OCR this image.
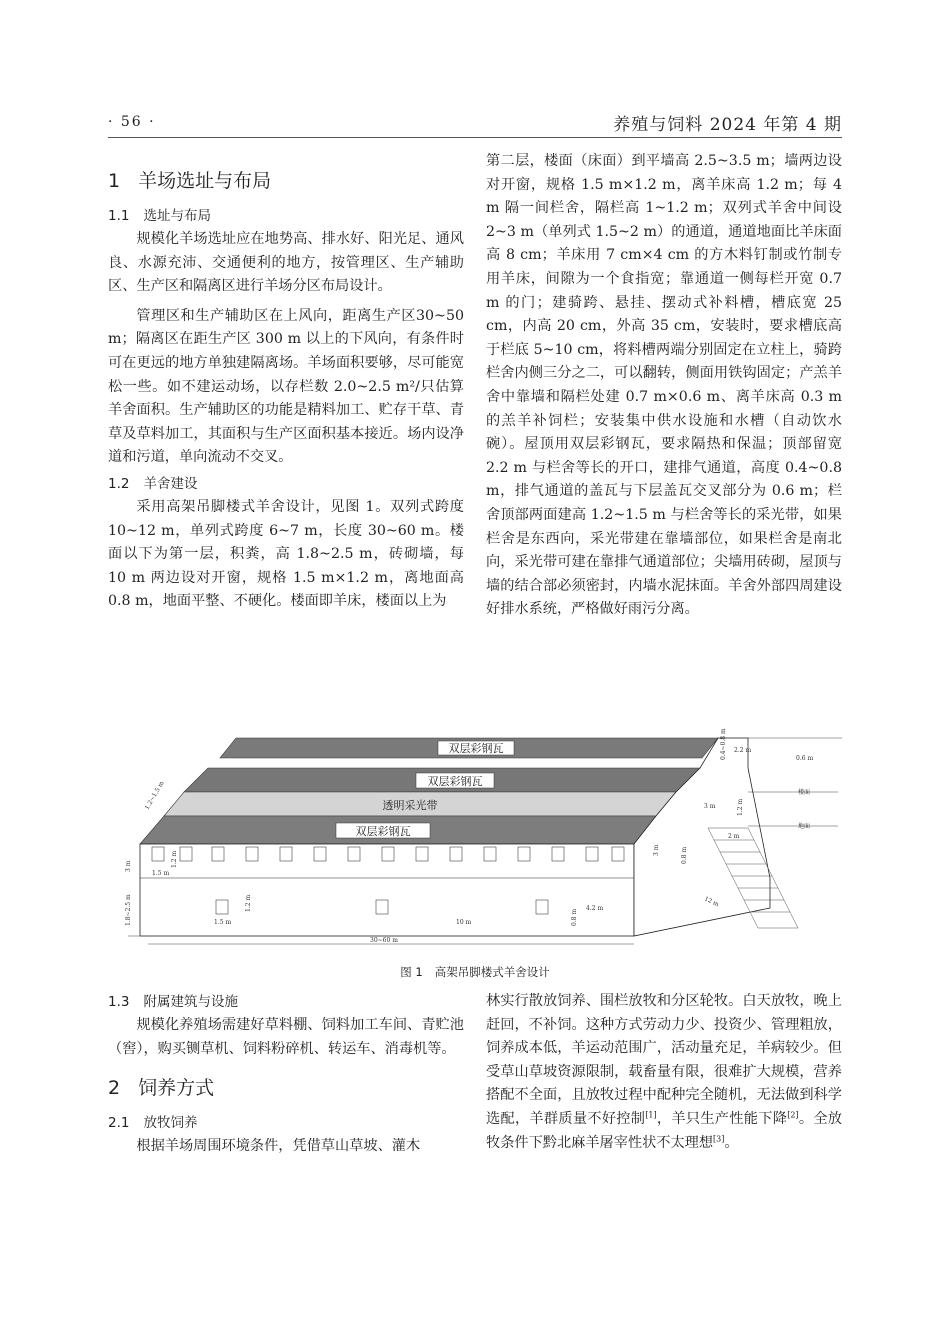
· 56 ·	养殖与饲料 2024 年第 4 期
1 羊场选址与布局
1.1 选址与布局

规模化羊场选址应在地势高、排水好、阳光足、通风良、水源充沛、交通便利的地方，按管理区、生产辅助区、生产区和隔离区进行羊场分区布局设计。

管理区和生产辅助区在上风向，距离生产区30~50 m；隔离区在距生产区 300 m 以上的下风向，有条件时可在更远的地方单独建隔离场。羊场面积要够，尽可能宽松一些。如不建运动场，以存栏数 2.0~2.5 m²/只估算羊舍面积。生产辅助区的功能是精料加工、贮存干草、青草及草料加工，其面积与生产区面积基本接近。场内设净道和污道，单向流动不交叉。

1.2 羊舍建设

采用高架吊脚楼式羊舍设计，见图 1。双列式跨度 10~12 m，单列式跨度 6~7 m，长度 30~60 m。楼面以下为第一层，积粪，高 1.8~2.5 m，砖砌墙，每 10 m 两边设对开窗，规格 1.5 m×1.2 m，离地面高 0.8 m，地面平整、不硬化。楼面即羊床，楼面以上为

第二层，楼面（床面）到平墙高 2.5~3.5 m；墙两边设对开窗，规格 1.5 m×1.2 m，离羊床高 1.2 m；每 4 m 隔一间栏舍，隔栏高 1~1.2 m；双列式羊舍中间设 2~3 m（单列式 1.5~2 m）的通道，通道地面比羊床面高 8 cm；羊床用 7 cm×4 cm 的方木料钉制或竹制专用羊床，间隙为一个食指宽；靠通道一侧每栏开宽 0.7 m 的门；建骑跨、悬挂、摆动式补料槽，槽底宽 25 cm，内高 20 cm，外高 35 cm，安装时，要求槽底高于栏底 5~10 cm，将料槽两端分别固定在立柱上，骑跨栏舍内侧三分之二，可以翻转，侧面用铁钩固定；产羔羊舍中靠墙和隔栏处建 0.7 m×0.6 m、离羊床高 0.3 m 的羔羊补饲栏；安装集中供水设施和水槽（自动饮水碗）。屋顶用双层彩钢瓦，要求隔热和保温；顶部留宽 2.2 m 与栏舍等长的开口，建排气通道，高度 0.4~0.8 m，排气通道的盖瓦与下层盖瓦交叉部分为 0.6 m；栏舍顶部两面建高 1.2~1.5 m 与栏舍等长的采光带，如果栏舍是东西向，采光带建在靠墙部位，如果栏舍是南北向，采光带可建在靠排气通道部位；尖墙用砖砌，屋顶与墙的结合部必须密封，内墙水泥抹面。羊舍外部四周建设好排水系统，严格做好雨污分离。

双层彩钢瓦
双层彩钢瓦
透明采光带
双层彩钢瓦
0.4~0.8 m 2.2 m
0.6 m
1.2~1.5 m	3 m
楼面
地面
3 m
1.2 m
1.5 m
3 m	1.2 m
1.8~2.5 m	1.5 m
1.2 m
10 m
4.2 m
0.8 m
0.8 m
2 m
12 m
30~60 m
图 1 高架吊脚楼式羊舍设计
1.3 附属建筑与设施

规模化养殖场需建好草料棚、饲料加工车间、青贮池（窖），购买铡草机、饲料粉碎机、转运车、消毒机等。

2 饲养方式
2.1 放牧饲养

根据羊场周围环境条件，凭借草山草坡、灌木

林实行散放饲养、围栏放牧和分区轮牧。白天放牧，晚上赶回，不补饲。这种方式劳动力少、投资少、管理粗放，饲养成本低，羊运动范围广，活动量充足，羊病较少。但受草山草坡资源限制，载畜量有限，很难扩大规模，营养搭配不全面，且放牧过程中配种完全随机，无法做到科学选配，羊群质量不好控制[1]，羊只生产性能下降[2]。全放牧条件下黔北麻羊屠宰性状不太理想[3]。
